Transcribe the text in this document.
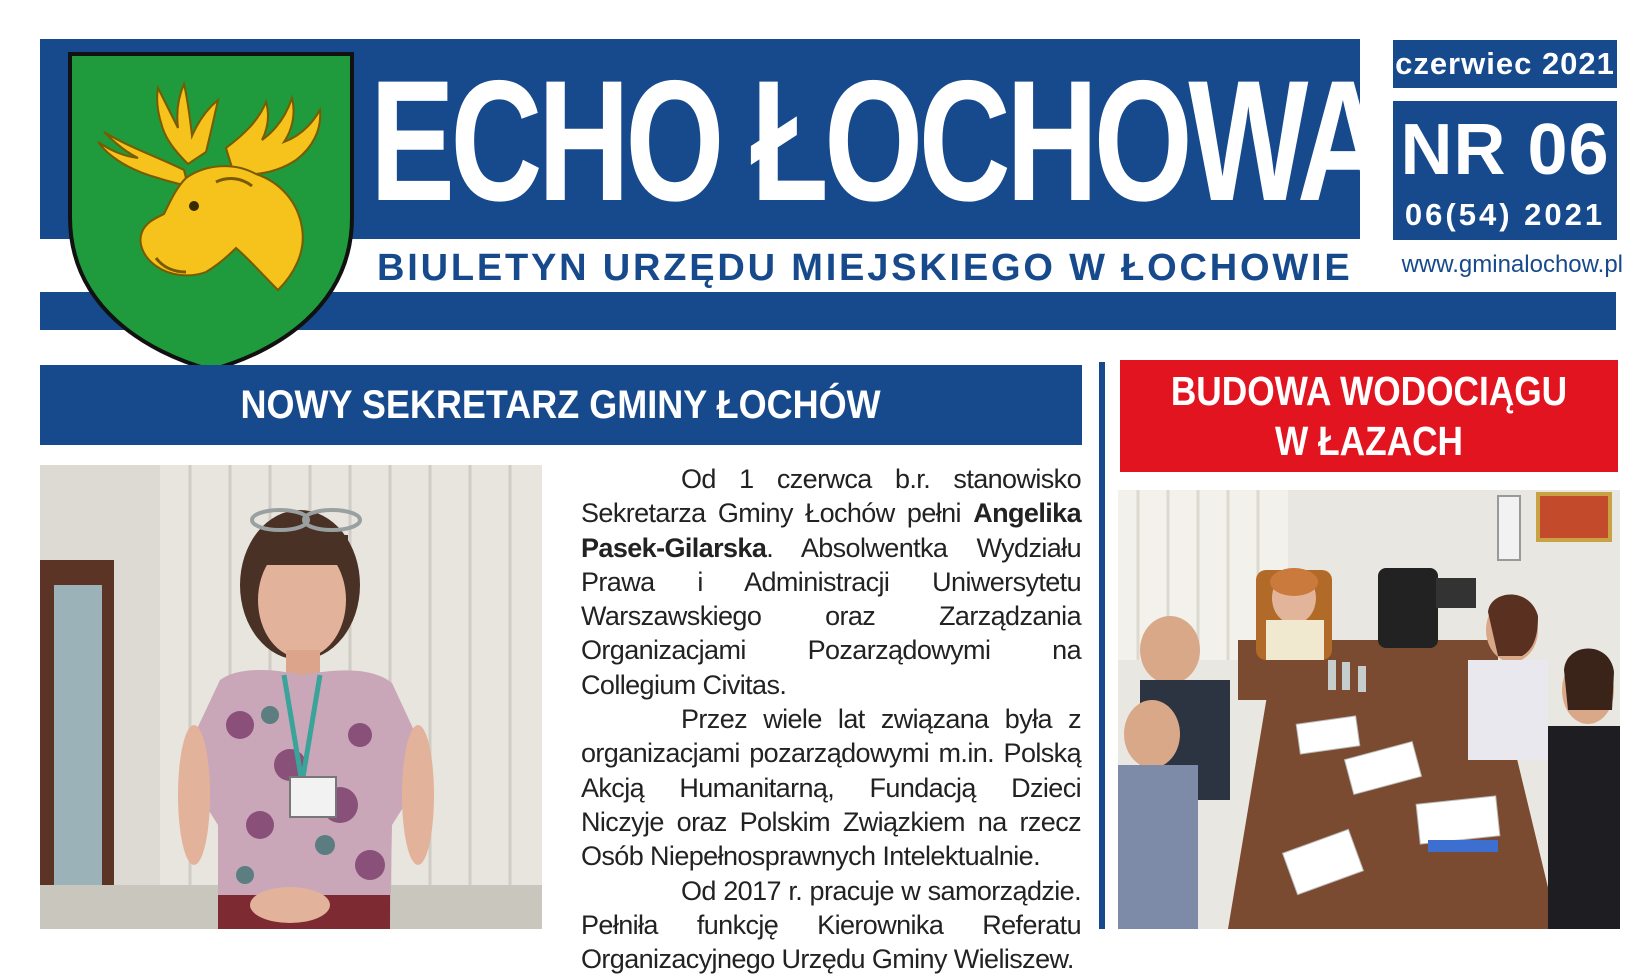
ECHO ŁOCHOWA
BIULETYN URZĘDU MIEJSKIEGO W ŁOCHOWIE
czerwiec 2021
NR 06
06(54) 2021
www.gminalochow.pl
NOWY SEKRETARZ GMINY ŁOCHÓW

Od 1 czerwca b.r. stanowisko Sekretarza Gminy Łochów pełni Angelika Pasek-Gilarska. Absolwentka Wydziału Prawa i Administracji Uniwersytetu Warszawskiego oraz Zarządzania Organizacjami Pozarządowymi na Collegium Civitas.

Przez wiele lat związana była z organizacjami pozarządowymi m.in. Polską Akcją Humanitarną, Fundacją Dzieci Niczyje oraz Polskim Związkiem na rzecz Osób Niepełnosprawnych Intelektualnie.

Od 2017 r. pracuje w samorządzie. Pełniła funkcję Kierownika Referatu Organizacyjnego Urzędu Gminy Wieliszew.

BUDOWA WODOCIĄGU
W ŁAZACH
